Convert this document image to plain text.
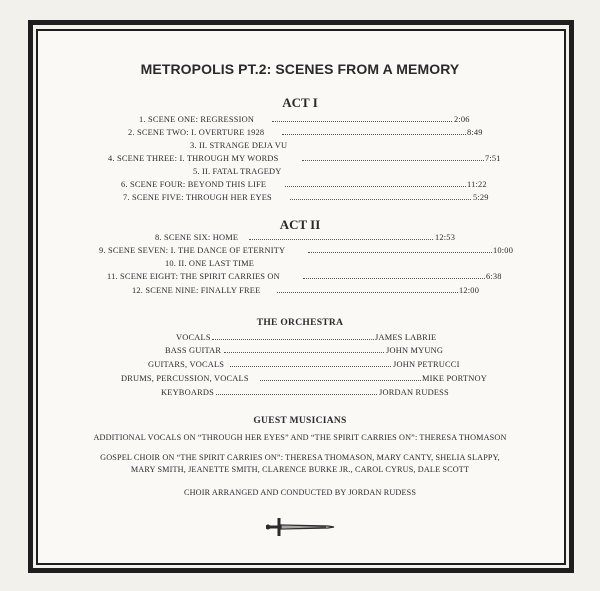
METROPOLIS PT.2: SCENES FROM A MEMORY
ACT I
1. SCENE ONE: REGRESSION	2:06
2. SCENE TWO: I. OVERTURE 1928	8:49
3. II. STRANGE DEJA VU
4. SCENE THREE: I. THROUGH MY WORDS	7:51
5. II. FATAL TRAGEDY
6. SCENE FOUR: BEYOND THIS LIFE	11:22
7. SCENE FIVE: THROUGH HER EYES	5:29
ACT II
8. SCENE SIX: HOME	12:53
9. SCENE SEVEN: I. THE DANCE OF ETERNITY	10:00
10. II. ONE LAST TIME
11. SCENE EIGHT: THE SPIRIT CARRIES ON	6:38
12. SCENE NINE: FINALLY FREE	12:00
THE ORCHESTRA
VOCALS	JAMES LABRIE
BASS GUITAR	JOHN MYUNG
GUITARS, VOCALS	JOHN PETRUCCI
DRUMS, PERCUSSION, VOCALS	MIKE PORTNOY
KEYBOARDS	JORDAN RUDESS
GUEST MUSICIANS
ADDITIONAL VOCALS ON “THROUGH HER EYES” AND “THE SPIRIT CARRIES ON”: THERESA THOMASON
GOSPEL CHOIR ON “THE SPIRIT CARRIES ON”: THERESA THOMASON, MARY CANTY, SHELIA SLAPPY,
MARY SMITH, JEANETTE SMITH, CLARENCE BURKE JR., CAROL CYRUS, DALE SCOTT
CHOIR ARRANGED AND CONDUCTED BY JORDAN RUDESS
